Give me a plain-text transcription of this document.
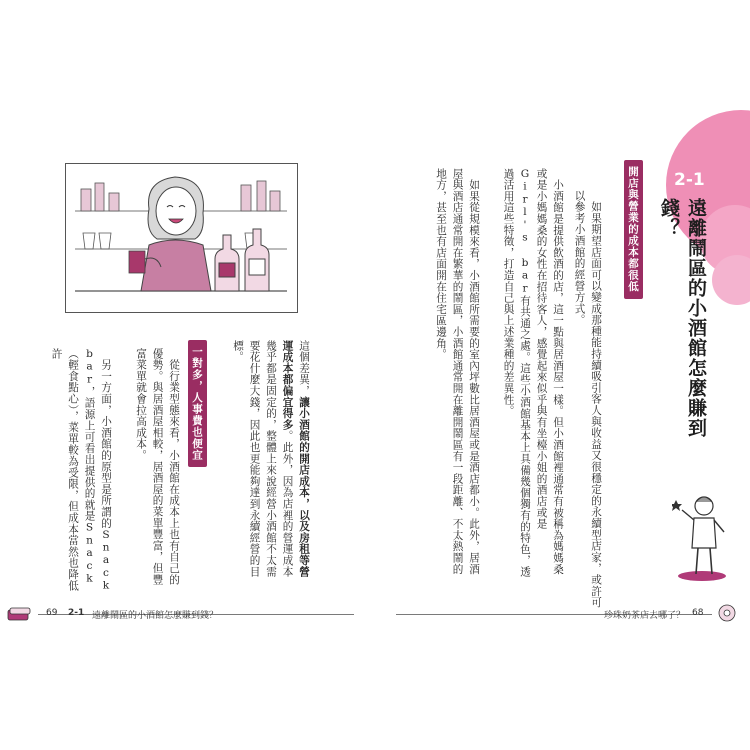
2-1
遠離鬧區的小酒館怎麼賺到錢？
開店與營業的成本都很低
　如果期望店面可以變成那種能持續吸引客人與收益又很穩定的永續型店家，或許可以參考小酒館的經營方式。
　小酒館是提供飲酒的店，這一點與居酒屋一樣。但小酒館裡通常有被稱為媽媽桑或是小媽媽桑的女性在招待客人，感覺起來似乎與有坐檯小姐的酒店或是Girl's bar有共通之處。這些小酒館基本上具備幾個獨有的特色，透過活用這些特徵，打造自己與上述業種的差異性。
　如果從規模來看，小酒館所需要的室內坪數比居酒屋或是酒店都小。此外，居酒屋與酒店通常開在繁華的鬧區，小酒館通常開在離開鬧區有一段距離、不太熱鬧的地方，甚至也有店面開在住宅區邊角。
這個差異，讓小酒館的開店成本，以及房租等營運成本都偏宜得多。此外，因為店裡的營運成本幾乎都是固定的，整體上來說經營小酒館不太需要花什麼大錢，因此也更能夠達到永續經營的目標。
一對多，人事費也便宜
　從行業型態來看，小酒館在成本上也有自己的優勢。與居酒屋相較，居酒屋的菜單豐富，但豐富菜單就會拉高成本。
　另一方面，小酒館的原型是所謂的Snack bar，語源上可看出提供的就是Snack（輕食點心），菜單較為受限，但成本當然也降低許
69 2-1 遠離鬧區的小酒館怎麼賺到錢？	珍珠奶茶店去哪了？ 68
